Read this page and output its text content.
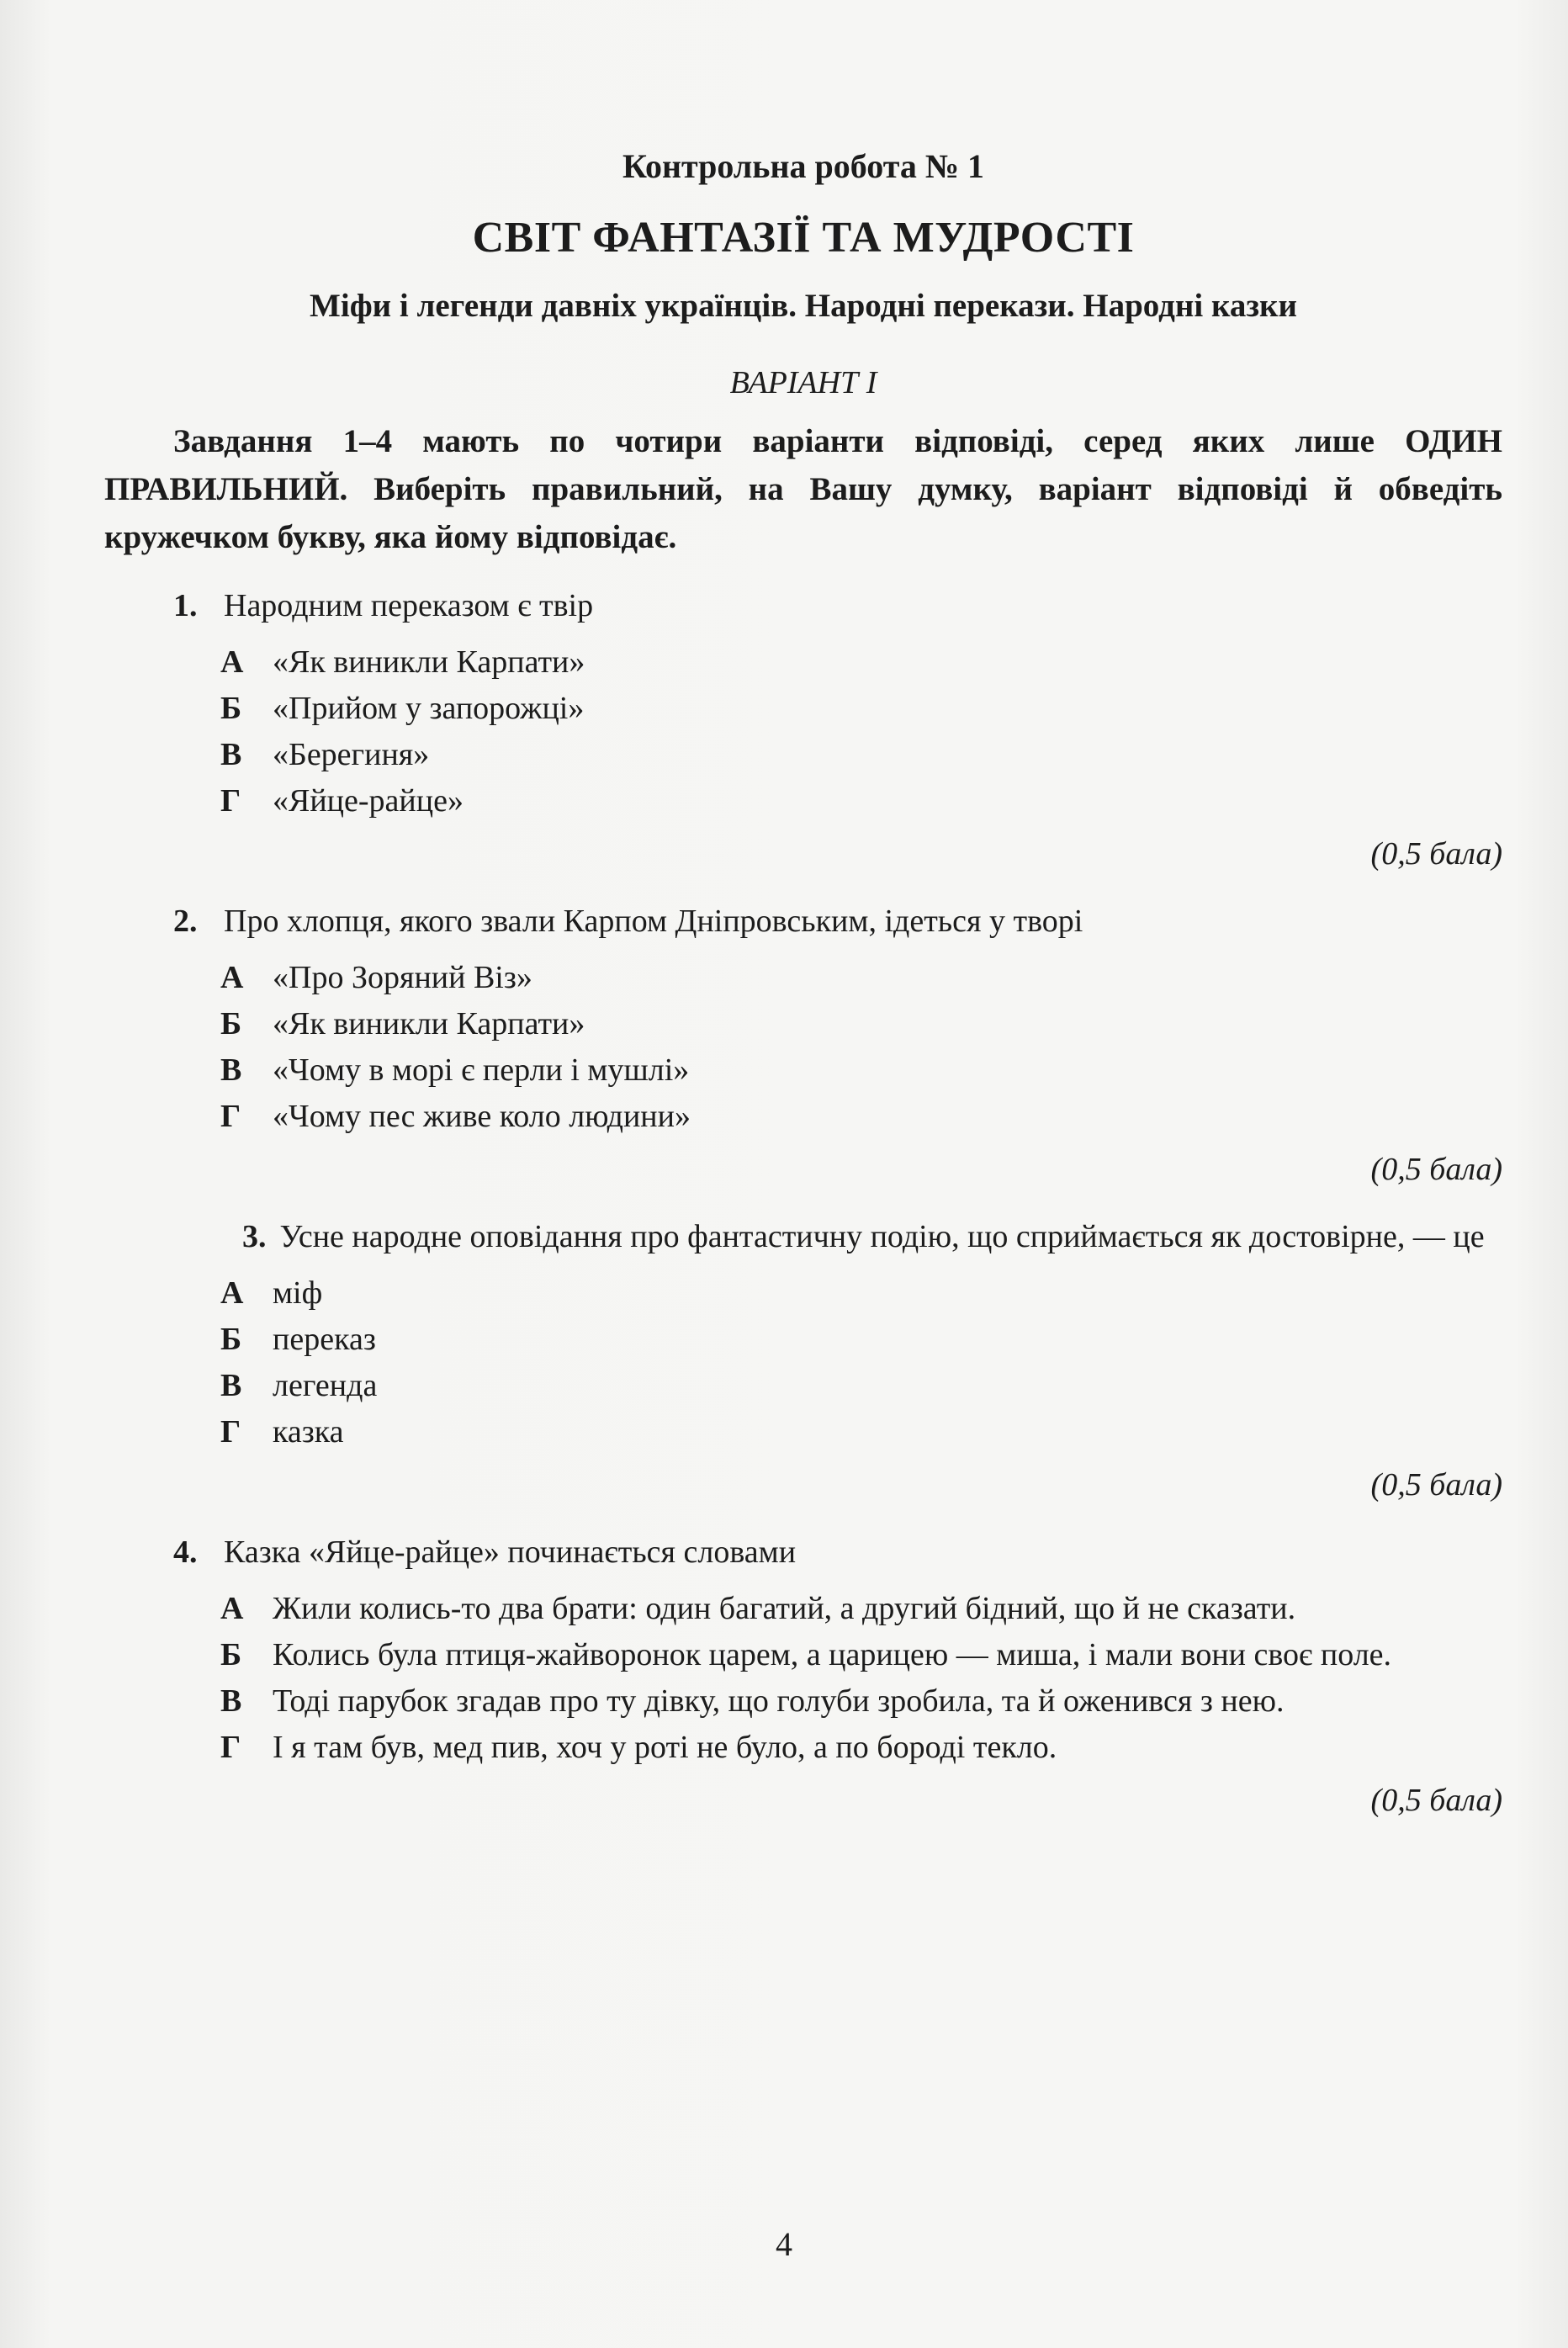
Контрольна робота № 1

СВІТ ФАНТАЗІЇ ТА МУДРОСТІ

Міфи і легенди давніх українців. Народні перекази. Народні казки

ВАРІАНТ І

Завдання 1–4 мають по чотири варіанти відповіді, серед яких лише ОДИН ПРАВИЛЬНИЙ. Виберіть правильний, на Вашу думку, варіант відповіді й обведіть кружечком букву, яка йому відповідає.

1. Народним переказом є твір

А «Як виникли Карпати»
Б «Прийом у запорожці»
В «Берегиня»
Г «Яйце-райце»

(0,5 бала)

2. Про хлопця, якого звали Карпом Дніпровським, ідеться у творі

А «Про Зоряний Віз»
Б «Як виникли Карпати»
В «Чому в морі є перли і мушлі»
Г «Чому пес живе коло людини»

(0,5 бала)

3. Усне народне оповідання про фантастичну подію, що сприймається як достовірне, — це

А міф
Б переказ
В легенда
Г казка

(0,5 бала)

4. Казка «Яйце-райце» починається словами

А Жили колись-то два брати: один багатий, а другий бідний, що й не сказати.
Б Колись була птиця-жайворонок царем, а царицею — миша, і мали вони своє поле.
В Тоді парубок згадав про ту дівку, що голуби зробила, та й оженився з нею.
Г І я там був, мед пив, хоч у роті не було, а по бороді текло.

(0,5 бала)

4
